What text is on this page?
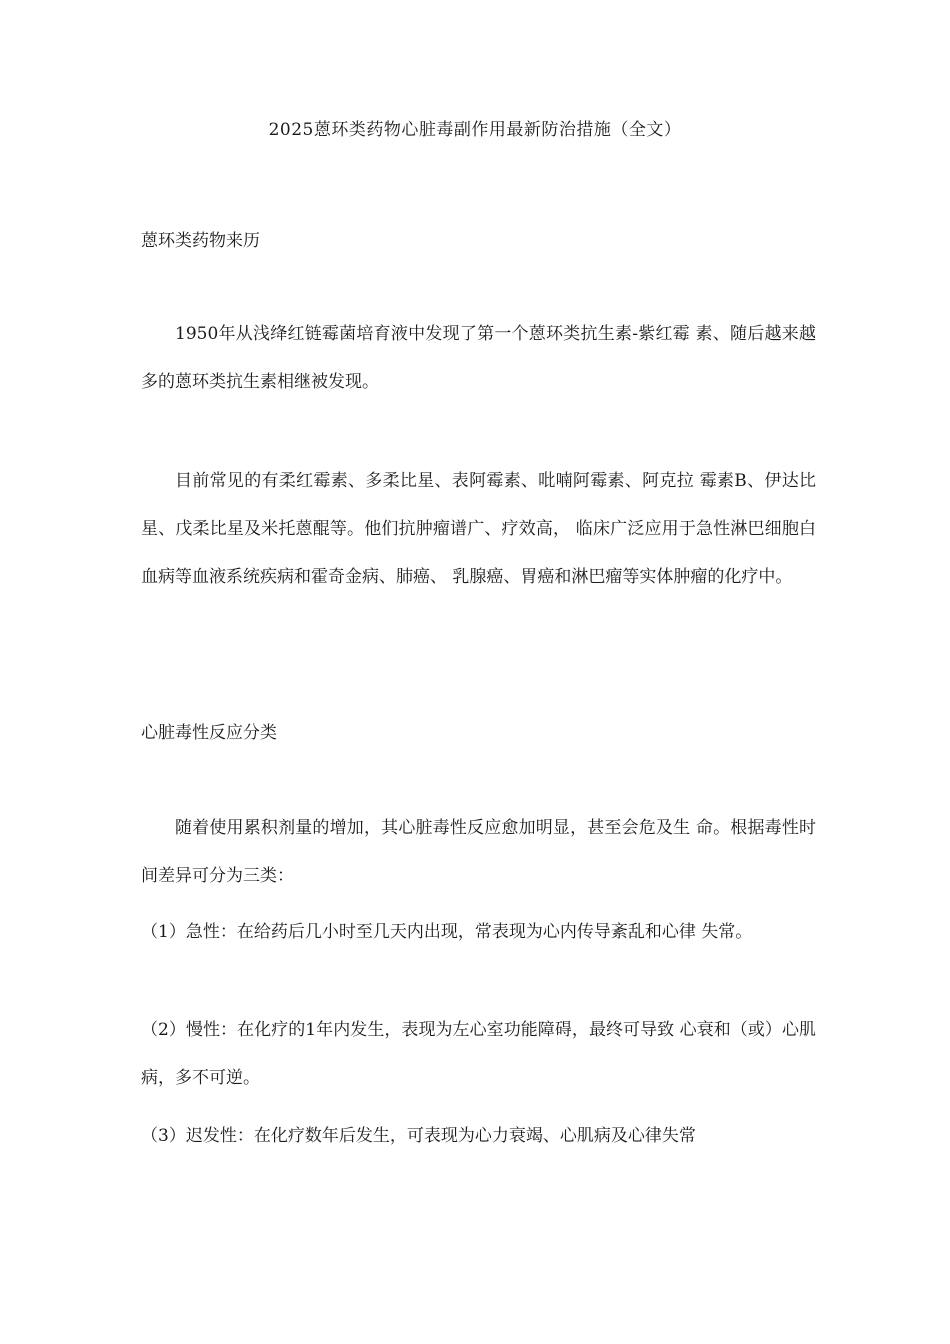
2025蒽环类药物心脏毒副作用最新防治措施（全文）
蒽环类药物来历

1950年从浅绛红链霉菌培育液中发现了第一个蒽环类抗生素-紫红霉 素、随后越来越多的蒽环类抗生素相继被发现。

目前常见的有柔红霉素、多柔比星、表阿霉素、吡喃阿霉素、阿克拉 霉素B、伊达比星、戊柔比星及米托蒽醌等。他们抗肿瘤谱广、疗效高， 临床广泛应用于急性淋巴细胞白血病等血液系统疾病和霍奇金病、肺癌、 乳腺癌、胃癌和淋巴瘤等实体肿瘤的化疗中。

心脏毒性反应分类

随着使用累积剂量的增加，其心脏毒性反应愈加明显，甚至会危及生 命。根据毒性时间差异可分为三类：

（1）急性：在给药后几小时至几天内出现，常表现为心内传导紊乱和心律 失常。

（2）慢性：在化疗的1年内发生，表现为左心室功能障碍，最终可导致 心衰和（或）心肌病，多不可逆。

（3）迟发性：在化疗数年后发生，可表现为心力衰竭、心肌病及心律失常
